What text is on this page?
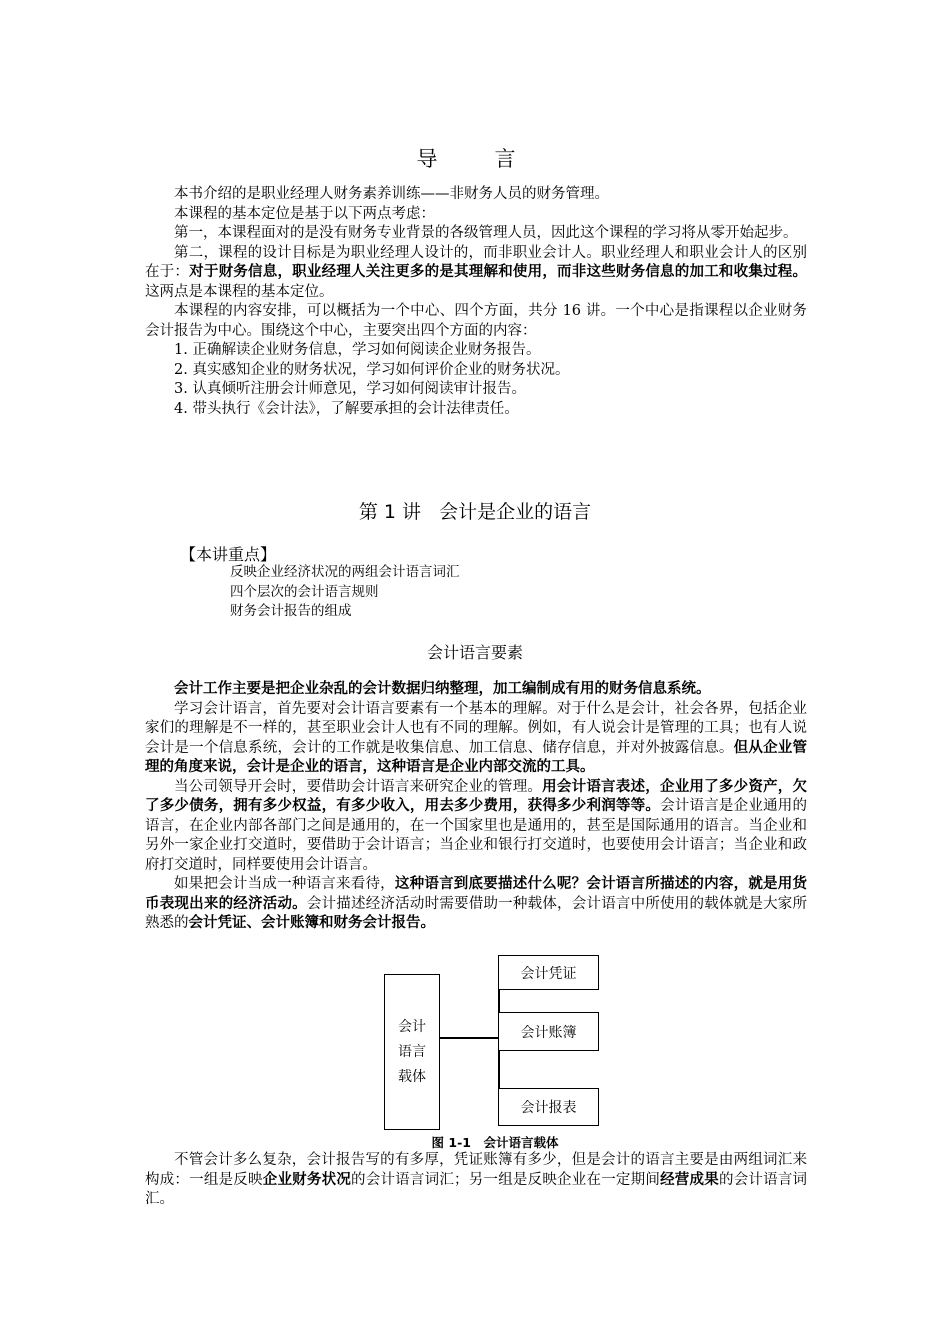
导　言

本书介绍的是职业经理人财务素养训练——非财务人员的财务管理。

本课程的基本定位是基于以下两点考虑：

第一，本课程面对的是没有财务专业背景的各级管理人员，因此这个课程的学习将从零开始起步。

第二，课程的设计目标是为职业经理人设计的，而非职业会计人。职业经理人和职业会计人的区别在于：对于财务信息，职业经理人关注更多的是其理解和使用，而非这些财务信息的加工和收集过程。这两点是本课程的基本定位。

本课程的内容安排，可以概括为一个中心、四个方面，共分 16 讲。一个中心是指课程以企业财务会计报告为中心。围绕这个中心，主要突出四个方面的内容：

1. 正确解读企业财务信息，学习如何阅读企业财务报告。

2. 真实感知企业的财务状况，学习如何评价企业的财务状况。

3. 认真倾听注册会计师意见，学习如何阅读审计报告。

4. 带头执行《会计法》，了解要承担的会计法律责任。

第 1 讲 会计是企业的语言
【本讲重点】
反映企业经济状况的两组会计语言词汇
四个层次的会计语言规则
财务会计报告的组成
会计语言要素

会计工作主要是把企业杂乱的会计数据归纳整理，加工编制成有用的财务信息系统。

学习会计语言，首先要对会计语言要素有一个基本的理解。对于什么是会计，社会各界，包括企业家们的理解是不一样的，甚至职业会计人也有不同的理解。例如，有人说会计是管理的工具；也有人说会计是一个信息系统，会计的工作就是收集信息、加工信息、储存信息，并对外披露信息。但从企业管理的角度来说，会计是企业的语言，这种语言是企业内部交流的工具。

当公司领导开会时，要借助会计语言来研究企业的管理。用会计语言表述，企业用了多少资产，欠了多少债务，拥有多少权益，有多少收入，用去多少费用，获得多少利润等等。会计语言是企业通用的语言，在企业内部各部门之间是通用的，在一个国家里也是通用的，甚至是国际通用的语言。当企业和另外一家企业打交道时，要借助于会计语言；当企业和银行打交道时，也要使用会计语言；当企业和政府打交道时，同样要使用会计语言。

如果把会计当成一种语言来看待，这种语言到底要描述什么呢？会计语言所描述的内容，就是用货币表现出来的经济活动。会计描述经济活动时需要借助一种载体，会计语言中所使用的载体就是大家所熟悉的会计凭证、会计账簿和财务会计报告。

会计
语言
载体
会计凭证
会计账簿
会计报表
图 1-1　会计语言载体

不管会计多么复杂，会计报告写的有多厚，凭证账簿有多少，但是会计的语言主要是由两组词汇来构成：一组是反映企业财务状况的会计语言词汇；另一组是反映企业在一定期间经营成果的会计语言词汇。
